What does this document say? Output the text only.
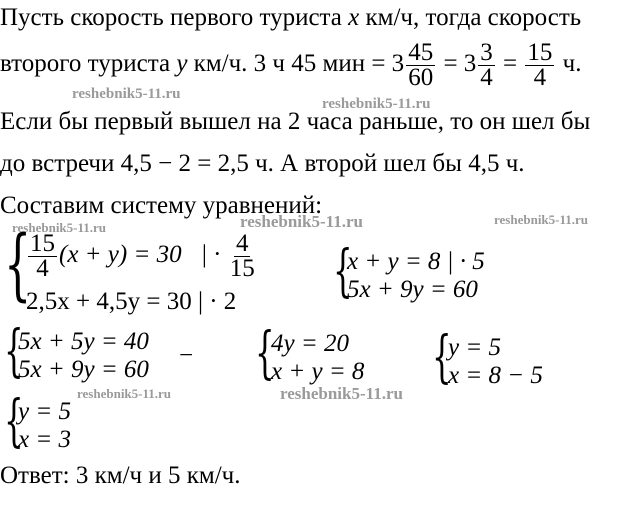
Пусть скорость первого туриста x км/ч, тогда скорость
второго туриста y км/ч. 3 ч 45 мин = $3 \frac{45}{60} = 3 \frac{3}{4} = \frac{15}{4} ч$.
Если бы первый вышел на 2 часа раньше, то он шел бы
до встречи 4,5 − 2 = 2,5 ч. А второй шел бы 4,5 ч.
Составим систему уравнений:
{
$\frac{15}{4} (x + y) = 30$ | · $\frac{4}{15}$
2,5x + 4,5y = 30 | · 2 {
x + y = 8 | · 5
5x + 9y = 60
{
5x + 5y = 40
5x + 9y = 60
− {
4y = 20
x + y = 8 {
y = 5
x = 8 − 5
{
y = 5
x = 3
Ответ: 3 км/ч и 5 км/ч.
reshebnik5-11.ru
reshebnik5-11.ru
reshebnik5-11.ru	reshebnik5-11.ru	reshebnik5-11.ru
reshebnik5-11.ru	reshebnik5-11.ru
